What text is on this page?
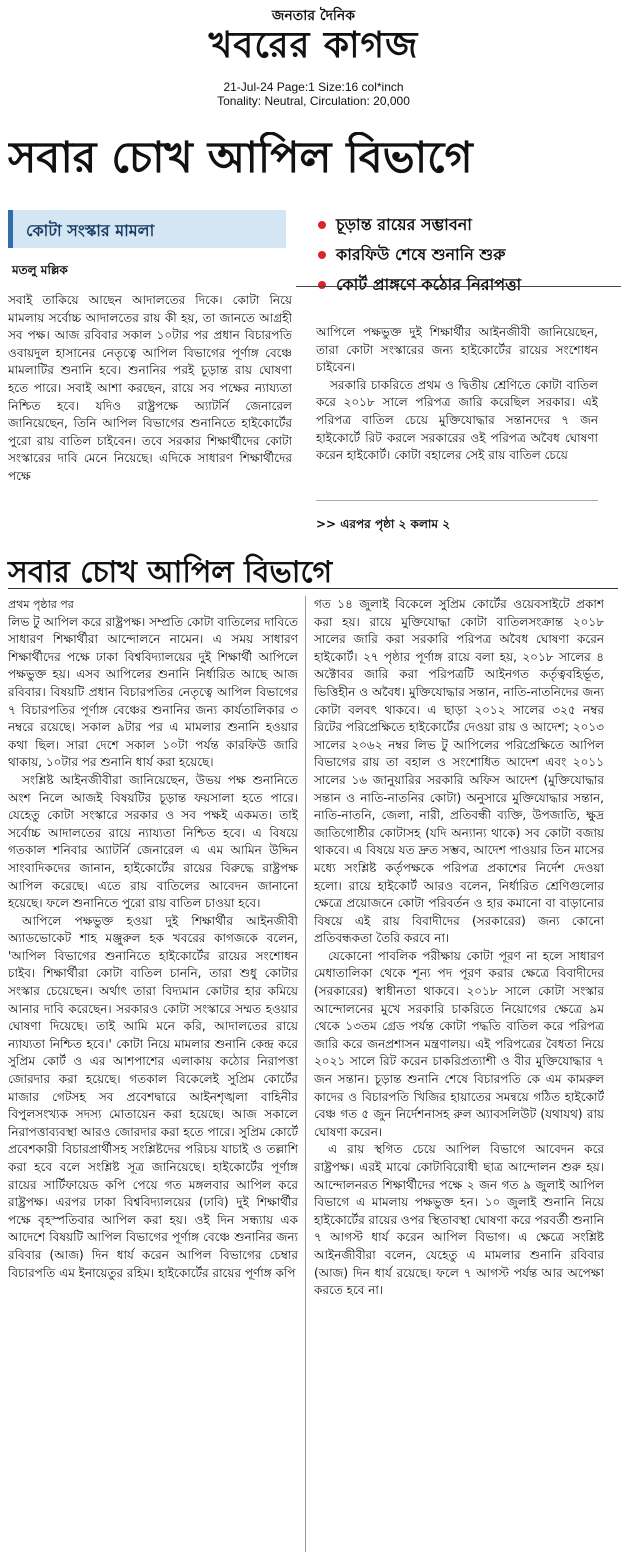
জনতার দৈনিক
খবরের কাগজ
21-Jul-24 Page:1 Size:16 col*inch
Tonality: Neutral, Circulation: 20,000
সবার চোখ আপিল বিভাগে
কোটা সংস্কার মামলা
মতলু মল্লিক
চূড়ান্ত রায়ের সম্ভাবনা
কারফিউ শেষে শুনানি শুরু
কোর্ট প্রাঙ্গণে কঠোর নিরাপত্তা

সবাই তাকিয়ে আছেন আদালতের দিকে। কোটা নিয়ে মামলায় সর্বোচ্চ আদালতের রায় কী হয়, তা জানতে আগ্রহী সব পক্ষ। আজ রবিবার সকাল ১০টার পর প্রধান বিচারপতি ওবায়দুল হাসানের নেতৃত্বে আপিল বিভাগের পূর্ণাঙ্গ বেঞ্চে মামলাটির শুনানি হবে। শুনানির পরই চূড়ান্ত রায় ঘোষণা হতে পারে। সবাই আশা করছেন, রায়ে সব পক্ষের ন্যায্যতা নিশ্চিত হবে। যদিও রাষ্ট্রপক্ষে অ্যাটর্নি জেনারেল জানিয়েছেন, তিনি আপিল বিভাগের শুনানিতে হাইকোর্টের পুরো রায় বাতিল চাইবেন। তবে সরকার শিক্ষার্থীদের কোটা সংস্কারের দাবি মেনে নিয়েছে। এদিকে সাধারণ শিক্ষার্থীদের পক্ষে

আপিলে পক্ষভুক্ত দুই শিক্ষার্থীর আইনজীবী জানিয়েছেন, তারা কোটা সংস্কারের জন্য হাইকোর্টের রায়ের সংশোধন চাইবেন।

সরকারি চাকরিতে প্রথম ও দ্বিতীয় শ্রেণিতে কোটা বাতিল করে ২০১৮ সালে পরিপত্র জারি করেছিল সরকার। এই পরিপত্র বাতিল চেয়ে মুক্তিযোদ্ধার সন্তানদের ৭ জন হাইকোর্টে রিট করলে সরকারের ওই পরিপত্র অবৈধ ঘোষণা করেন হাইকোর্ট। কোটা বহালের সেই রায় বাতিল চেয়ে

>> এরপর পৃষ্ঠা ২ কলাম ২
সবার চোখ আপিল বিভাগে
প্রথম পৃষ্ঠার পর

লিভ টু আপিল করে রাষ্ট্রপক্ষ। সম্প্রতি কোটা বাতিলের দাবিতে সাধারণ শিক্ষার্থীরা আন্দোলনে নামেন। এ সময় সাধারণ শিক্ষার্থীদের পক্ষে ঢাকা বিশ্ববিদ্যালয়ের দুই শিক্ষার্থী আপিলে পক্ষভুক্ত হয়। এসব আপিলের শুনানি নির্ধারিত আছে আজ রবিবার। বিষয়টি প্রধান বিচারপতির নেতৃত্বে আপিল বিভাগের ৭ বিচারপতির পূর্ণাঙ্গ বেঞ্চের শুনানির জন্য কার্যতালিকার ৩ নম্বরে রয়েছে। সকাল ৯টার পর এ মামলার শুনানি হওয়ার কথা ছিল। সারা দেশে সকাল ১০টা পর্যন্ত কারফিউ জারি থাকায়, ১০টার পর শুনানি ধার্য করা হয়েছে।

সংশ্লিষ্ট আইনজীবীরা জানিয়েছেন, উভয় পক্ষ শুনানিতে অংশ নিলে আজই বিষয়টির চূড়ান্ত ফয়সালা হতে পারে। যেহেতু কোটা সংস্কারে সরকার ও সব পক্ষই একমত। তাই সর্বোচ্চ আদালতের রায়ে ন্যায্যতা নিশ্চিত হবে। এ বিষয়ে গতকাল শনিবার অ্যাটর্নি জেনারেল এ এম আমিন উদ্দিন সাংবাদিকদের জানান, হাইকোর্টের রায়ের বিরুদ্ধে রাষ্ট্রপক্ষ আপিল করেছে। এতে রায় বাতিলের আবেদন জানানো হয়েছে। ফলে শুনানিতে পুরো রায় বাতিল চাওয়া হবে।

আপিলে পক্ষভুক্ত হওয়া দুই শিক্ষার্থীর আইনজীবী অ্যাডভোকেট শাহ মঞ্জুরুল হক খবরের কাগজকে বলেন, 'আপিল বিভাগের শুনানিতে হাইকোর্টের রায়ের সংশোধন চাইব। শিক্ষার্থীরা কোটা বাতিল চাননি, তারা শুধু কোটার সংস্কার চেয়েছেন। অর্থাৎ তারা বিদ্যমান কোটার হার কমিয়ে আনার দাবি করেছেন। সরকারও কোটা সংস্কারে সম্মত হওয়ার ঘোষণা দিয়েছে। তাই আমি মনে করি, আদালতের রায়ে ন্যায্যতা নিশ্চিত হবে।' কোটা নিয়ে মামলার শুনানি কেন্দ্র করে সুপ্রিম কোর্ট ও এর আশপাশের এলাকায় কঠোর নিরাপত্তা জোরদার করা হয়েছে। গতকাল বিকেলেই সুপ্রিম কোর্টের মাজার গেটসহ সব প্রবেশদ্বারে আইনশৃঙ্খলা বাহিনীর বিপুলসংখ্যক সদস্য মোতায়েন করা হয়েছে। আজ সকালে নিরাপত্তাব্যবস্থা আরও জোরদার করা হতে পারে। সুপ্রিম কোর্টে প্রবেশকারী বিচারপ্রার্থীসহ সংশ্লিষ্টদের পরিচয় যাচাই ও তল্লাশি করা হবে বলে সংশ্লিষ্ট সূত্র জানিয়েছে। হাইকোর্টের পূর্ণাঙ্গ রায়ের সার্টিফায়েড কপি পেয়ে গত মঙ্গলবার আপিল করে রাষ্ট্রপক্ষ। এরপর ঢাকা বিশ্ববিদ্যালয়ের (ঢাবি) দুই শিক্ষার্থীর পক্ষে বৃহস্পতিবার আপিল করা হয়। ওই দিন সন্ধ্যায় এক আদেশে বিষয়টি আপিল বিভাগের পূর্ণাঙ্গ বেঞ্চে শুনানির জন্য রবিবার (আজ) দিন ধার্য করেন আপিল বিভাগের চেম্বার বিচারপতি এম ইনায়েতুর রহিম। হাইকোর্টের রায়ের পূর্ণাঙ্গ কপি

গত ১৪ জুলাই বিকেলে সুপ্রিম কোর্টের ওয়েবসাইটে প্রকাশ করা হয়। রায়ে মুক্তিযোদ্ধা কোটা বাতিলসংক্রান্ত ২০১৮ সালের জারি করা সরকারি পরিপত্র অবৈধ ঘোষণা করেন হাইকোর্ট। ২৭ পৃষ্ঠার পূর্ণাঙ্গ রায়ে বলা হয়, ২০১৮ সালের ৪ অক্টোবর জারি করা পরিপত্রটি আইনগত কর্তৃত্ববহির্ভূত, ভিত্তিহীন ও অবৈধ। মুক্তিযোদ্ধার সন্তান, নাতি-নাতনিদের জন্য কোটা বলবৎ থাকবে। এ ছাড়া ২০১২ সালের ৩২৫ নম্বর রিটের পরিপ্রেক্ষিতে হাইকোর্টের দেওয়া রায় ও আদেশ; ২০১৩ সালের ২০৬২ নম্বর লিভ টু আপিলের পরিপ্রেক্ষিতে আপিল বিভাগের রায় তা বহাল ও সংশোধিত আদেশ এবং ২০১১ সালের ১৬ জানুয়ারির সরকারি অফিস আদেশ (মুক্তিযোদ্ধার সন্তান ও নাতি-নাতনির কোটা) অনুসারে মুক্তিযোদ্ধার সন্তান, নাতি-নাতনি, জেলা, নারী, প্রতিবন্ধী ব্যক্তি, উপজাতি, ক্ষুদ্র জাতিগোষ্ঠীর কোটাসহ (যদি অন্যান্য থাকে) সব কোটা বজায় থাকবে। এ বিষয়ে যত দ্রুত সম্ভব, আদেশ পাওয়ার তিন মাসের মধ্যে সংশ্লিষ্ট কর্তৃপক্ষকে পরিপত্র প্রকাশের নির্দেশ দেওয়া হলো। রায়ে হাইকোর্ট আরও বলেন, নির্ধারিত শ্রেণিগুলোর ক্ষেত্রে প্রয়োজনে কোটা পরিবর্তন ও হার কমানো বা বাড়ানোর বিষয়ে এই রায় বিবাদীদের (সরকারের) জন্য কোনো প্রতিবন্ধকতা তৈরি করবে না।

যেকোনো পাবলিক পরীক্ষায় কোটা পূরণ না হলে সাধারণ মেধাতালিকা থেকে শূন্য পদ পূরণ করার ক্ষেত্রে বিবাদীদের (সরকারের) স্বাধীনতা থাকবে। ২০১৮ সালে কোটা সংস্কার আন্দোলনের মুখে সরকারি চাকরিতে নিয়োগের ক্ষেত্রে ৯ম থেকে ১৩তম গ্রেড পর্যন্ত কোটা পদ্ধতি বাতিল করে পরিপত্র জারি করে জনপ্রশাসন মন্ত্রণালয়। এই পরিপত্রের বৈধতা নিয়ে ২০২১ সালে রিট করেন চাকরিপ্রত্যাশী ও বীর মুক্তিযোদ্ধার ৭ জন সন্তান। চূড়ান্ত শুনানি শেষে বিচারপতি কে এম কামরুল কাদের ও বিচারপতি খিজির হায়াতের সমন্বয়ে গঠিত হাইকোর্ট বেঞ্চ গত ৫ জুন নির্দেশনাসহ রুল অ্যাবসলিউট (যথাযথ) রায় ঘোষণা করেন।

এ রায় স্থগিত চেয়ে আপিল বিভাগে আবেদন করে রাষ্ট্রপক্ষ। এরই মাঝে কোটাবিরোধী ছাত্র আন্দোলন শুরু হয়। আন্দোলনরত শিক্ষার্থীদের পক্ষে ২ জন গত ৯ জুলাই আপিল বিভাগে এ মামলায় পক্ষভুক্ত হন। ১০ জুলাই শুনানি নিয়ে হাইকোর্টের রায়ের ওপর স্থিতাবস্থা ঘোষণা করে পরবর্তী শুনানি ৭ আগস্ট ধার্য করেন আপিল বিভাগ। এ ক্ষেত্রে সংশ্লিষ্ট আইনজীবীরা বলেন, যেহেতু এ মামলার শুনানি রবিবার (আজ) দিন ধার্য রয়েছে। ফলে ৭ আগস্ট পর্যন্ত আর অপেক্ষা করতে হবে না।
